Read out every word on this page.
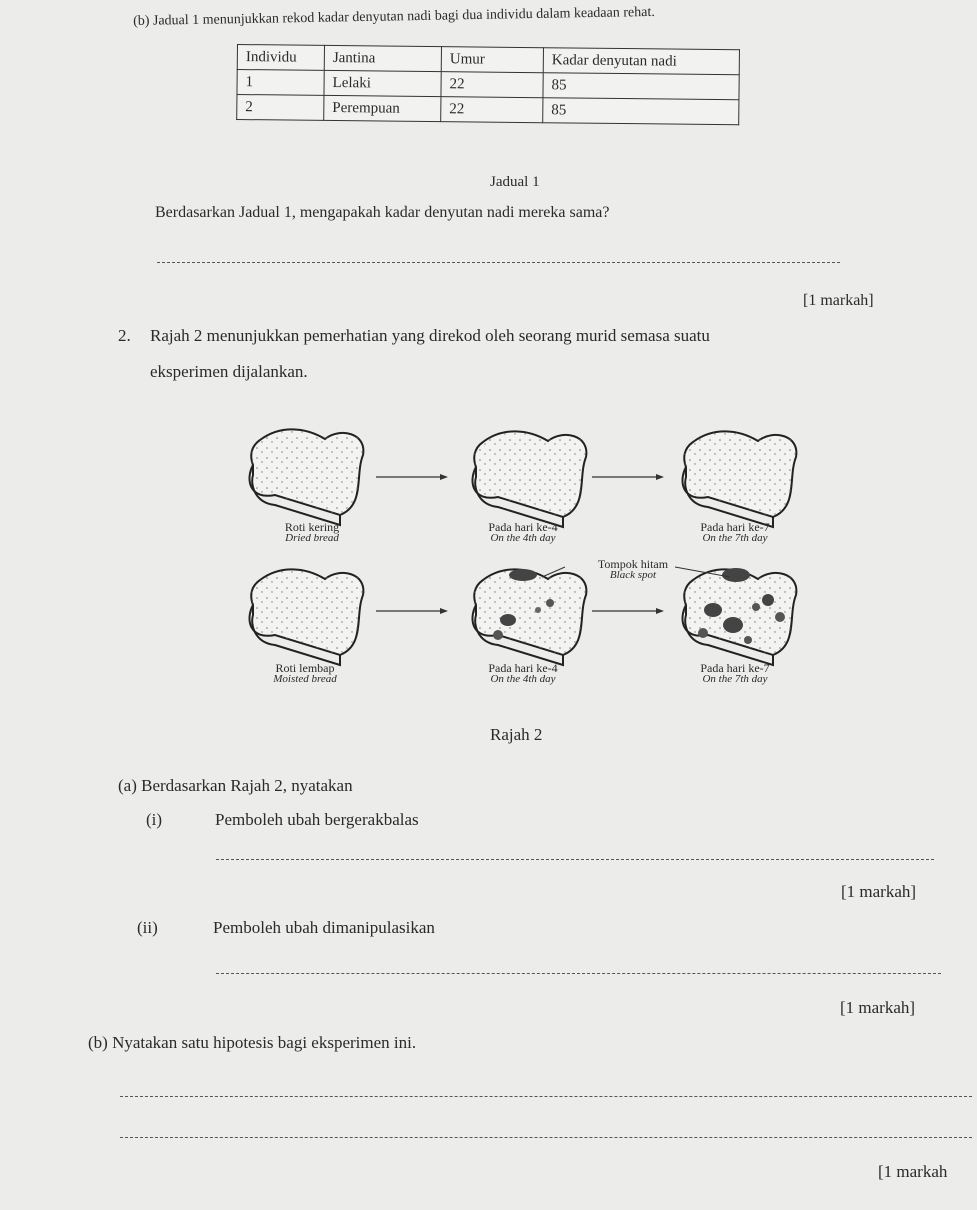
(b) Jadual 1 menunjukkan rekod kadar denyutan nadi bagi dua individu dalam keadaan rehat.
Individu	Jantina	Umur	Kadar denyutan nadi
1	Lelaki	22	85
2	Perempuan	22	85
Jadual 1
Berdasarkan Jadual 1, mengapakah kadar denyutan nadi mereka sama?
[1 markah]
2. Rajah 2 menunjukkan pemerhatian yang direkod oleh seorang murid semasa suatu
eksperimen dijalankan.
Roti kering
Dried bread
Pada hari ke-4
On the 4th day
Pada hari ke-7
On the 7th day
Tompok hitam
Black spot
Roti lembap
Moisted bread
Pada hari ke-4
On the 4th day
Pada hari ke-7
On the 7th day
Rajah 2
(a) Berdasarkan Rajah 2, nyatakan
(i)	Pemboleh ubah bergerakbalas
[1 markah]
(ii)	Pemboleh ubah dimanipulasikan
[1 markah]
(b) Nyatakan satu hipotesis bagi eksperimen ini.
[1 markah
